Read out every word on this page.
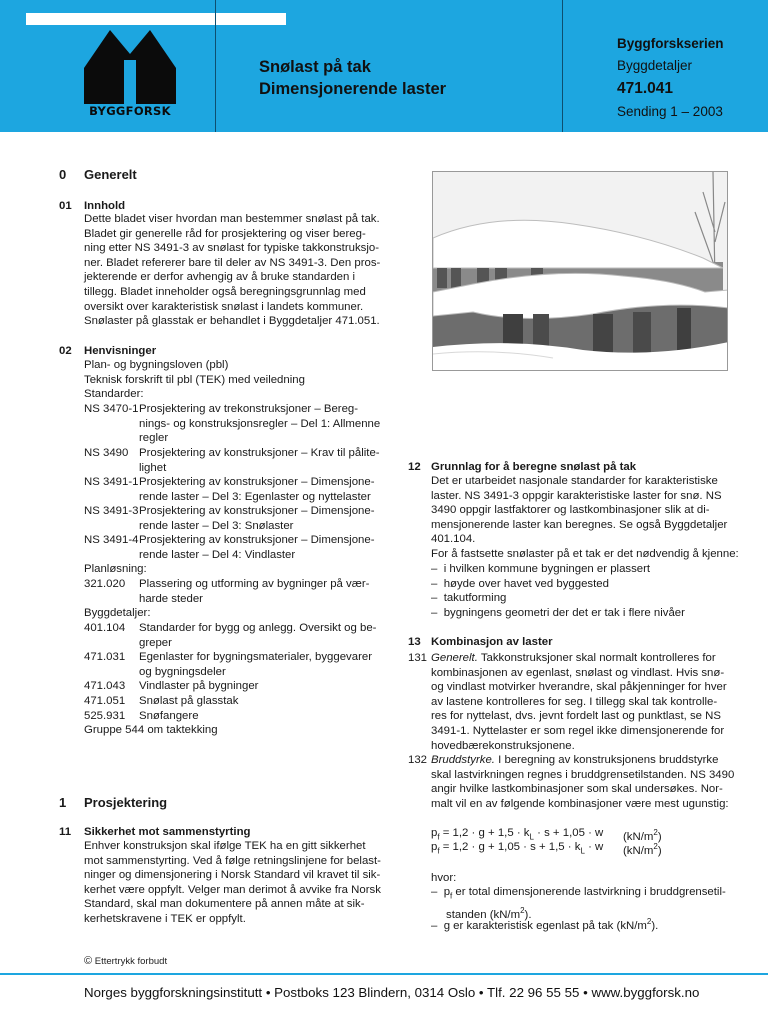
BYGGFORSK
Snølast på tak
Dimensjonerende laster
Byggforskserien
Byggdetaljer
471.041
Sending 1 – 2003
0 Generelt
01 Innhold
Dette bladet viser hvordan man bestemmer snølast på tak.
Bladet gir generelle råd for prosjektering og viser bereg-
ning etter NS 3491-3 av snølast for typiske takkonstruksjo-
ner. Bladet refererer bare til deler av NS 3491-3. Den pros-
jekterende er derfor avhengig av å bruke standarden i
tillegg. Bladet inneholder også beregningsgrunnlag med
oversikt over karakteristisk snølast i landets kommuner.
Snølaster på glasstak er behandlet i Byggdetaljer 471.051.
02 Henvisninger
Plan- og bygningsloven (pbl)
Teknisk forskrift til pbl (TEK) med veiledning
Standarder:
NS 3470-1 Prosjektering av trekonstruksjoner – Bereg-
nings- og konstruksjonsregler – Del 1: Allmenne
regler
NS 3490 Prosjektering av konstruksjoner – Krav til pålite-
lighet
NS 3491-1 Prosjektering av konstruksjoner – Dimensjone-
rende laster – Del 3: Egenlaster og nyttelaster
NS 3491-3 Prosjektering av konstruksjoner – Dimensjone-
rende laster – Del 3: Snølaster
NS 3491-4 Prosjektering av konstruksjoner – Dimensjone-
rende laster – Del 4: Vindlaster
Planløsning:
321.020 Plassering og utforming av bygninger på vær-
harde steder
Byggdetaljer:
401.104 Standarder for bygg og anlegg. Oversikt og be-
greper
471.031 Egenlaster for bygningsmaterialer, byggevarer
og bygningsdeler
471.043 Vindlaster på bygninger
471.051 Snølast på glasstak
525.931 Snøfangere
Gruppe 544 om taktekking
1 Prosjektering
11 Sikkerhet mot sammenstyrting
Enhver konstruksjon skal ifølge TEK ha en gitt sikkerhet
mot sammenstyrting. Ved å følge retningslinjene for belast-
ninger og dimensjonering i Norsk Standard vil kravet til sik-
kerhet være oppfylt. Velger man derimot å avvike fra Norsk
Standard, skal man dokumentere på annen måte at sik-
kerhetskravene i TEK er oppfylt.
12 Grunnlag for å beregne snølast på tak
Det er utarbeidet nasjonale standarder for karakteristiske
laster. NS 3491-3 oppgir karakteristiske laster for snø. NS
3490 oppgir lastfaktorer og lastkombinasjoner slik at di-
mensjonerende laster kan beregnes. Se også Byggdetaljer
401.104.
For å fastsette snølaster på et tak er det nødvendig å kjenne:
– i hvilken kommune bygningen er plassert
– høyde over havet ved byggested
– takutforming
– bygningens geometri der det er tak i flere nivåer
13 Kombinasjon av laster
131 Generelt. Takkonstruksjoner skal normalt kontrolleres for
kombinasjonen av egenlast, snølast og vindlast. Hvis snø-
og vindlast motvirker hverandre, skal påkjenninger for hver
av lastene kontrolleres for seg. I tillegg skal tak kontrolle-
res for nyttelast, dvs. jevnt fordelt last og punktlast, se NS
3491-1. Nyttelaster er som regel ikke dimensjonerende for
hovedbærekonstruksjonene.
132 Bruddstyrke. I beregning av konstruksjonens bruddstyrke
skal lastvirkningen regnes i bruddgrensetilstanden. NS 3490
angir hvilke lastkombinasjoner som skal undersøkes. Nor-
malt vil en av følgende kombinasjoner være mest ugunstig:
$p_f = 1,2 \cdot g + 1,5 \cdot k_L \cdot s + 1,05 \cdot w$ $(kN/m^2)$
$p_f = 1,2 \cdot g + 1,05 \cdot s + 1,5 \cdot k_L \cdot w$ $(kN/m^2)$
hvor:
– $p_f$ er total dimensjonerende lastvirkning i bruddgrensetil-
standen $(kN/m^2)$.
– g er karakteristisk egenlast på tak $(kN/m^2)$.
© Ettertrykk forbudt
Norges byggforskningsinstitutt • Postboks 123 Blindern, 0314 Oslo • Tlf. 22 96 55 55 • www.byggforsk.no
